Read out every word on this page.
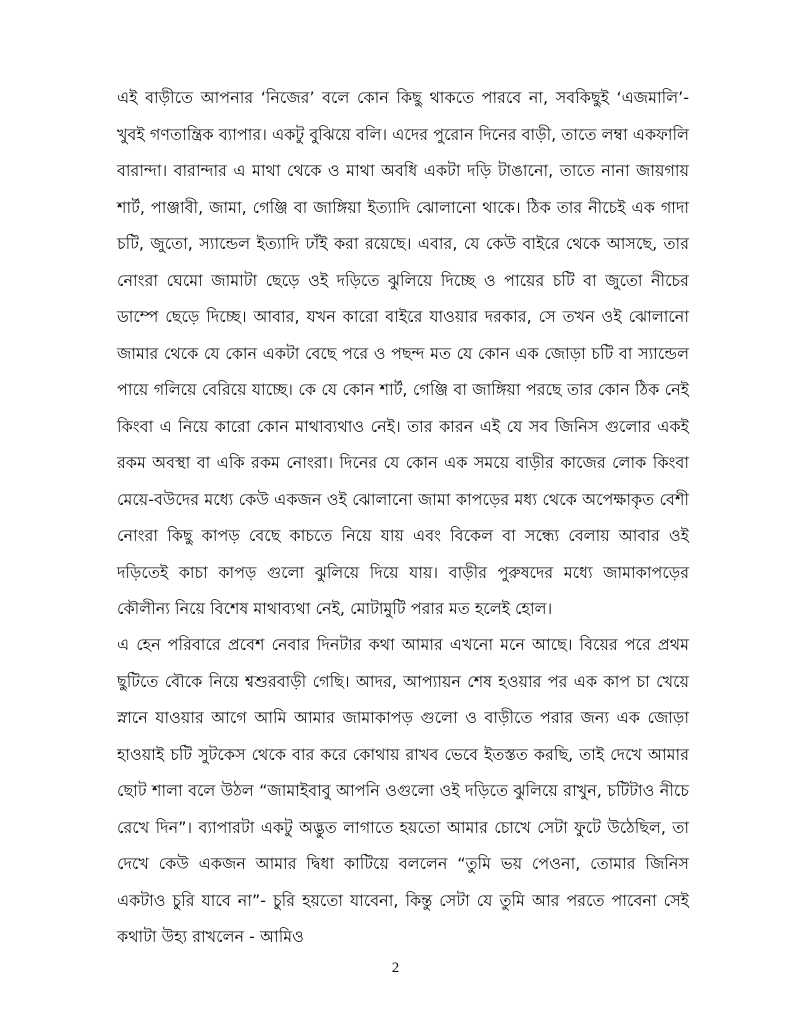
এই বাড়ীতে আপনার ‘নিজের’ বলে কোন কিছু থাকতে পারবে না, সবকিছুই ‘এজমালি’-খুবই গণতান্ত্রিক ব্যাপার। একটু বুঝিয়ে বলি। এদের পুরোন দিনের বাড়ী, তাতে লম্বা একফালি বারান্দা। বারান্দার এ মাথা থেকে ও মাথা অবধি একটা দড়ি টাঙানো, তাতে নানা জায়গায় শার্ট, পাঞ্জাবী, জামা, গেঞ্জি বা জাঙ্গিয়া ইত্যাদি ঝোলানো থাকে। ঠিক তার নীচেই এক গাদা চটি, জুতো, স্যান্ডেল ইত্যাদি ঢাঁই করা রয়েছে। এবার, যে কেউ বাইরে থেকে আসছে, তার নোংরা ঘেমো জামাটা ছেড়ে ওই দড়িতে ঝুলিয়ে দিচ্ছে ও পায়ের চটি বা জুতো নীচের ডাম্পে ছেড়ে দিচ্ছে। আবার, যখন কারো বাইরে যাওয়ার দরকার, সে তখন ওই ঝোলানো জামার থেকে যে কোন একটা বেছে পরে ও পছন্দ মত যে কোন এক জোড়া চটি বা স্যান্ডেল পায়ে গলিয়ে বেরিয়ে যাচ্ছে। কে যে কোন শার্ট, গেঞ্জি বা জাঙ্গিয়া পরছে তার কোন ঠিক নেই কিংবা এ নিয়ে কারো কোন মাথাব্যথাও নেই। তার কারন এই যে সব জিনিস গুলোর একই রকম অবস্থা বা একি রকম নোংরা। দিনের যে কোন এক সময়ে বাড়ীর কাজের লোক কিংবা মেয়ে-বউদের মধ্যে কেউ একজন ওই ঝোলানো জামা কাপড়ের মধ্য থেকে অপেক্ষাকৃত বেশী নোংরা কিছু কাপড় বেছে কাচতে নিয়ে যায় এবং বিকেল বা সন্ধ্যে বেলায় আবার ওই দড়িতেই কাচা কাপড় গুলো ঝুলিয়ে দিয়ে যায়। বাড়ীর পুরুষদের মধ্যে জামাকাপড়ের কৌলীন্য নিয়ে বিশেষ মাথাব্যথা নেই, মোটামুটি পরার মত হলেই হোল।

এ হেন পরিবারে প্রবেশ নেবার দিনটার কথা আমার এখনো মনে আছে। বিয়ের পরে প্রথম ছুটিতে বৌকে নিয়ে শ্বশুরবাড়ী গেছি। আদর, আপ্যায়ন শেষ হওয়ার পর এক কাপ চা খেয়ে স্নানে যাওয়ার আগে আমি আমার জামাকাপড় গুলো ও বাড়ীতে পরার জন্য এক জোড়া হাওয়াই চটি সুটকেস থেকে বার করে কোথায় রাখব ভেবে ইতস্তত করছি, তাই দেখে আমার ছোট শালা বলে উঠল “জামাইবাবু আপনি ওগুলো ওই দড়িতে ঝুলিয়ে রাখুন, চটিটাও নীচে রেখে দিন”। ব্যাপারটা একটু অদ্ভুত লাগাতে হয়তো আমার চোখে সেটা ফুটে উঠেছিল, তা দেখে কেউ একজন আমার দ্বিধা কাটিয়ে বললেন “তুমি ভয় পেওনা, তোমার জিনিস একটাও চুরি যাবে না”- চুরি হয়তো যাবেনা, কিন্তু সেটা যে তুমি আর পরতে পাবেনা সেই কথাটা উহ্য রাখলেন - আমিও

2
